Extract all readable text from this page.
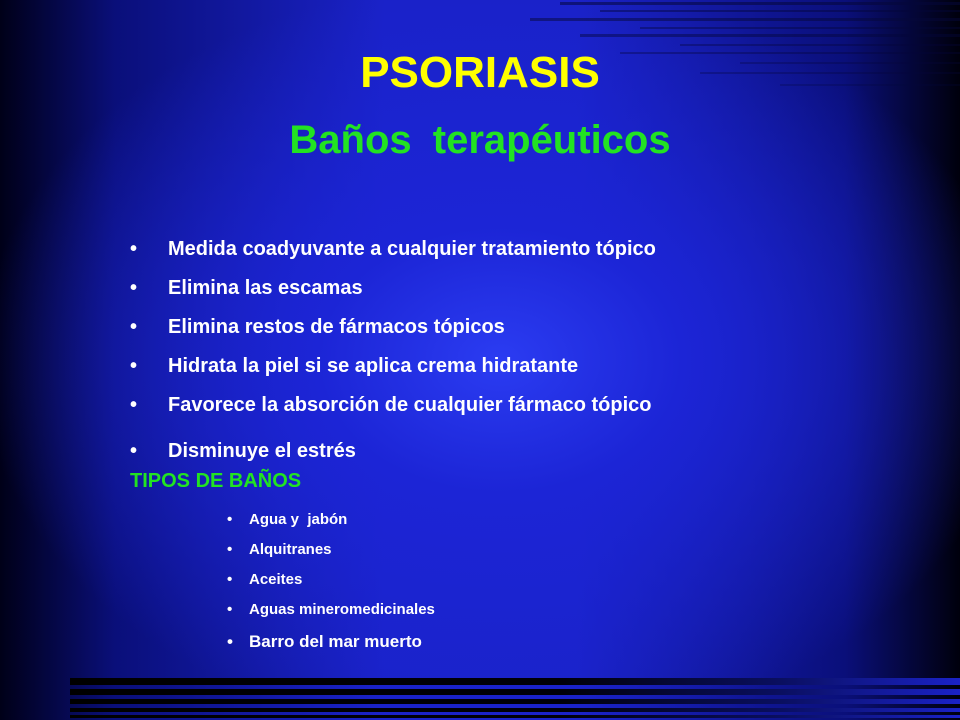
PSORIASIS
Baños terapéuticos
• Medida coadyuvante a cualquier tratamiento tópico
• Elimina las escamas
• Elimina restos de fármacos tópicos
• Hidrata la piel si se aplica crema hidratante
• Favorece la absorción de cualquier fármaco tópico
• Disminuye el estrés
TIPOS DE BAÑOS
• Agua y  jabón
• Alquitranes
• Aceites
• Aguas mineromedicinales
• Barro del mar muerto
